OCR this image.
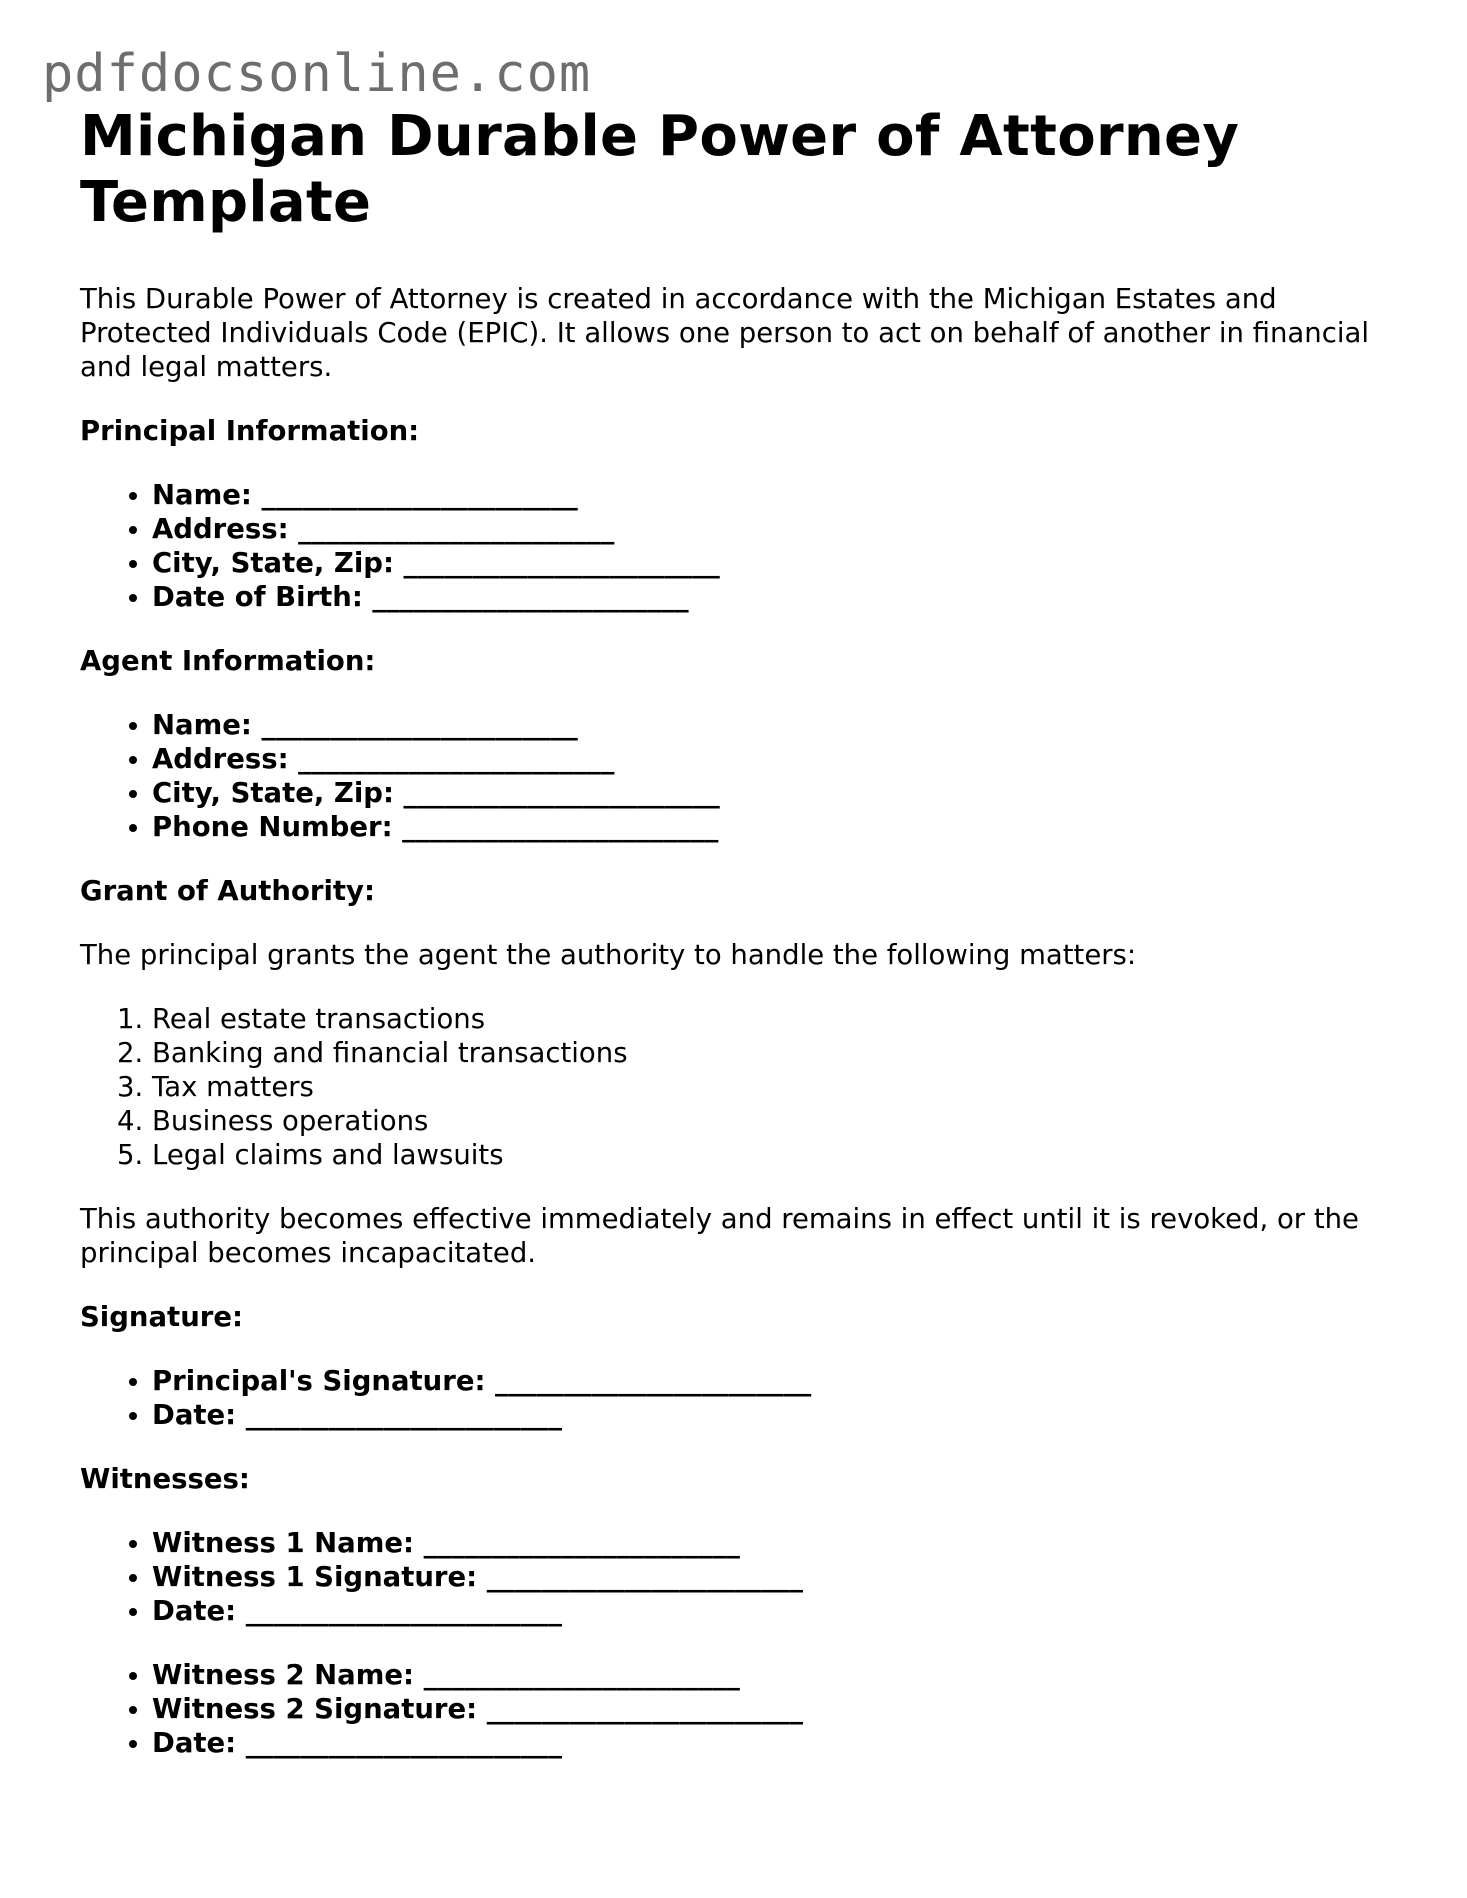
pdfdocsonline.com
Michigan Durable Power of Attorney Template

This Durable Power of Attorney is created in accordance with the Michigan Estates and Protected Individuals Code (EPIC). It allows one person to act on behalf of another in financial and legal matters.

Principal Information:

• Name: _______________________
• Address: _______________________
• City, State, Zip: _______________________
• Date of Birth: _______________________

Agent Information:

• Name: _______________________
• Address: _______________________
• City, State, Zip: _______________________
• Phone Number: _______________________

Grant of Authority:

The principal grants the agent the authority to handle the following matters:

1. Real estate transactions
2. Banking and financial transactions
3. Tax matters
4. Business operations
5. Legal claims and lawsuits

This authority becomes effective immediately and remains in effect until it is revoked, or the principal becomes incapacitated.

Signature:

• Principal's Signature: _______________________
• Date: _______________________

Witnesses:

• Witness 1 Name: _______________________
• Witness 1 Signature: _______________________
• Date: _______________________
• Witness 2 Name: _______________________
• Witness 2 Signature: _______________________
• Date: _______________________
